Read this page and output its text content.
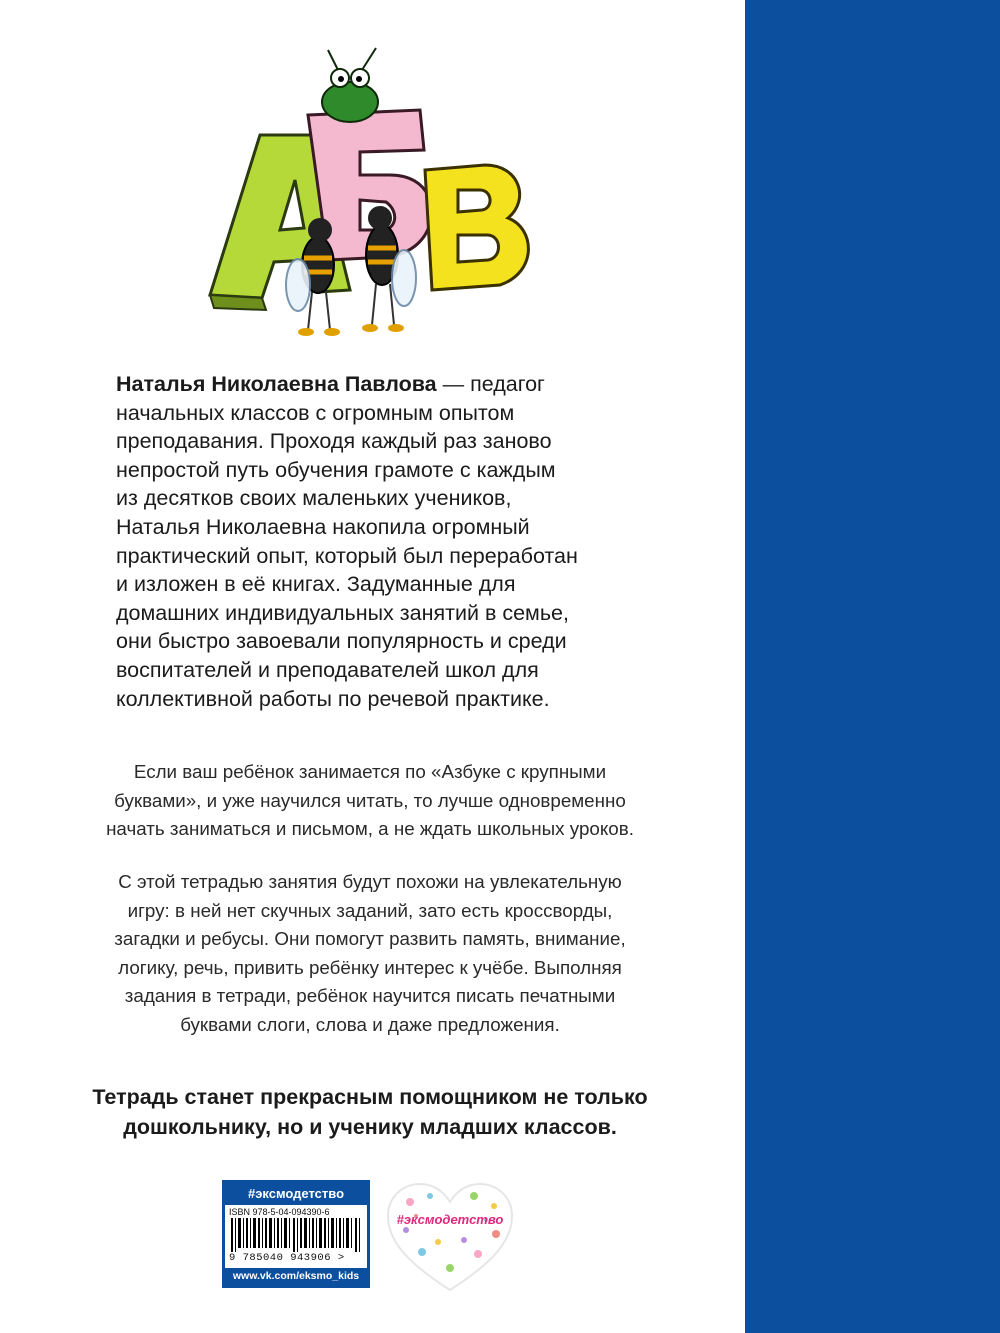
Наталья Николаевна Павлова — педагог
начальных классов с огромным опытом
преподавания. Проходя каждый раз заново
непростой путь обучения грамоте с каждым
из десятков своих маленьких учеников,
Наталья Николаевна накопила огромный
практический опыт, который был переработан
и изложен в её книгах. Задуманные для
домашних индивидуальных занятий в семье,
они быстро завоевали популярность и среди
воспитателей и преподавателей школ для
коллективной работы по речевой практике.
Если ваш ребёнок занимается по «Азбуке с крупными
буквами», и уже научился читать, то лучше одновременно
начать заниматься и письмом, а не ждать школьных уроков.
С этой тетрадью занятия будут похожи на увлекательную
игру: в ней нет скучных заданий, зато есть кроссворды,
загадки и ребусы. Они помогут развить память, внимание,
логику, речь, привить ребёнку интерес к учёбе. Выполняя
задания в тетради, ребёнок научится писать печатными
буквами слоги, слова и даже предложения.
Тетрадь станет прекрасным помощником не только
дошкольнику, но и ученику младших классов.
#эксмодетство
ISBN 978-5-04-094390-6
9 785040 943906 >
www.vk.com/eksmo_kids
#эксмодетство
